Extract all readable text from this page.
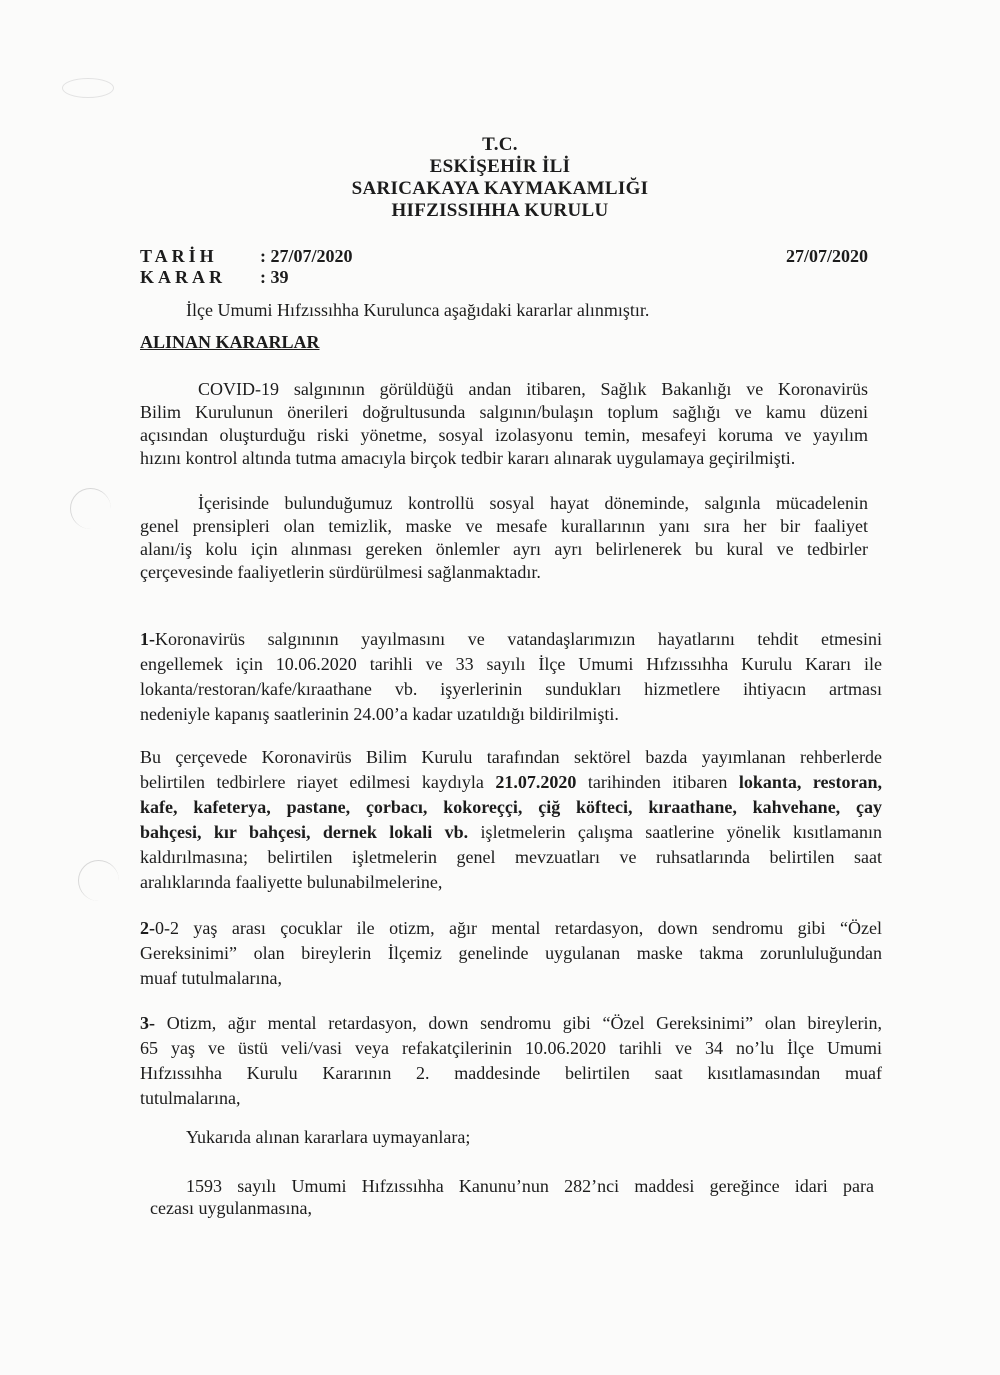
T.C.
ESKİŞEHİR İLİ
SARICAKAYA KAYMAKAMLIĞI
HIFZISSIHHA KURULU
TARİH : 27/07/2020
KARAR : 39
27/07/2020
İlçe Umumi Hıfzıssıhha Kurulunca aşağıdaki kararlar alınmıştır.
ALINAN KARARLAR

COVID-19 salgınının görüldüğü andan itibaren, Sağlık Bakanlığı ve Koronavirüs

Bilim Kurulunun önerileri doğrultusunda salgının/bulaşın toplum sağlığı ve kamu düzeni

açısından oluşturduğu riski yönetme, sosyal izolasyonu temin, mesafeyi koruma ve yayılım

hızını kontrol altında tutma amacıyla birçok tedbir kararı alınarak uygulamaya geçirilmişti.

İçerisinde bulunduğumuz kontrollü sosyal hayat döneminde, salgınla mücadelenin

genel prensipleri olan temizlik, maske ve mesafe kurallarının yanı sıra her bir faaliyet

alanı/iş kolu için alınması gereken önlemler ayrı ayrı belirlenerek bu kural ve tedbirler

çerçevesinde faaliyetlerin sürdürülmesi sağlanmaktadır.

1-Koronavirüs salgınının yayılmasını ve vatandaşlarımızın hayatlarını tehdit etmesini

engellemek için 10.06.2020 tarihli ve 33 sayılı İlçe Umumi Hıfzıssıhha Kurulu Kararı ile

lokanta/restoran/kafe/kıraathane vb. işyerlerinin sundukları hizmetlere ihtiyacın artması

nedeniyle kapanış saatlerinin 24.00’a kadar uzatıldığı bildirilmişti.

Bu çerçevede Koronavirüs Bilim Kurulu tarafından sektörel bazda yayımlanan rehberlerde

belirtilen tedbirlere riayet edilmesi kaydıyla 21.07.2020 tarihinden itibaren lokanta, restoran,

kafe, kafeterya, pastane, çorbacı, kokoreççi, çiğ köfteci, kıraathane, kahvehane, çay

bahçesi, kır bahçesi, dernek lokali vb. işletmelerin çalışma saatlerine yönelik kısıtlamanın

kaldırılmasına; belirtilen işletmelerin genel mevzuatları ve ruhsatlarında belirtilen saat

aralıklarında faaliyette bulunabilmelerine,

2-0-2 yaş arası çocuklar ile otizm, ağır mental retardasyon, down sendromu gibi “Özel

Gereksinimi” olan bireylerin İlçemiz genelinde uygulanan maske takma zorunluluğundan

muaf tutulmalarına,

3- Otizm, ağır mental retardasyon, down sendromu gibi “Özel Gereksinimi” olan bireylerin,

65 yaş ve üstü veli/vasi veya refakatçilerinin 10.06.2020 tarihli ve 34 no’lu İlçe Umumi

Hıfzıssıhha Kurulu Kararının 2. maddesinde belirtilen saat kısıtlamasından muaf

tutulmalarına,

Yukarıda alınan kararlara uymayanlara;

1593 sayılı Umumi Hıfzıssıhha Kanunu’nun 282’nci maddesi gereğince idari para

cezası uygulanmasına,
